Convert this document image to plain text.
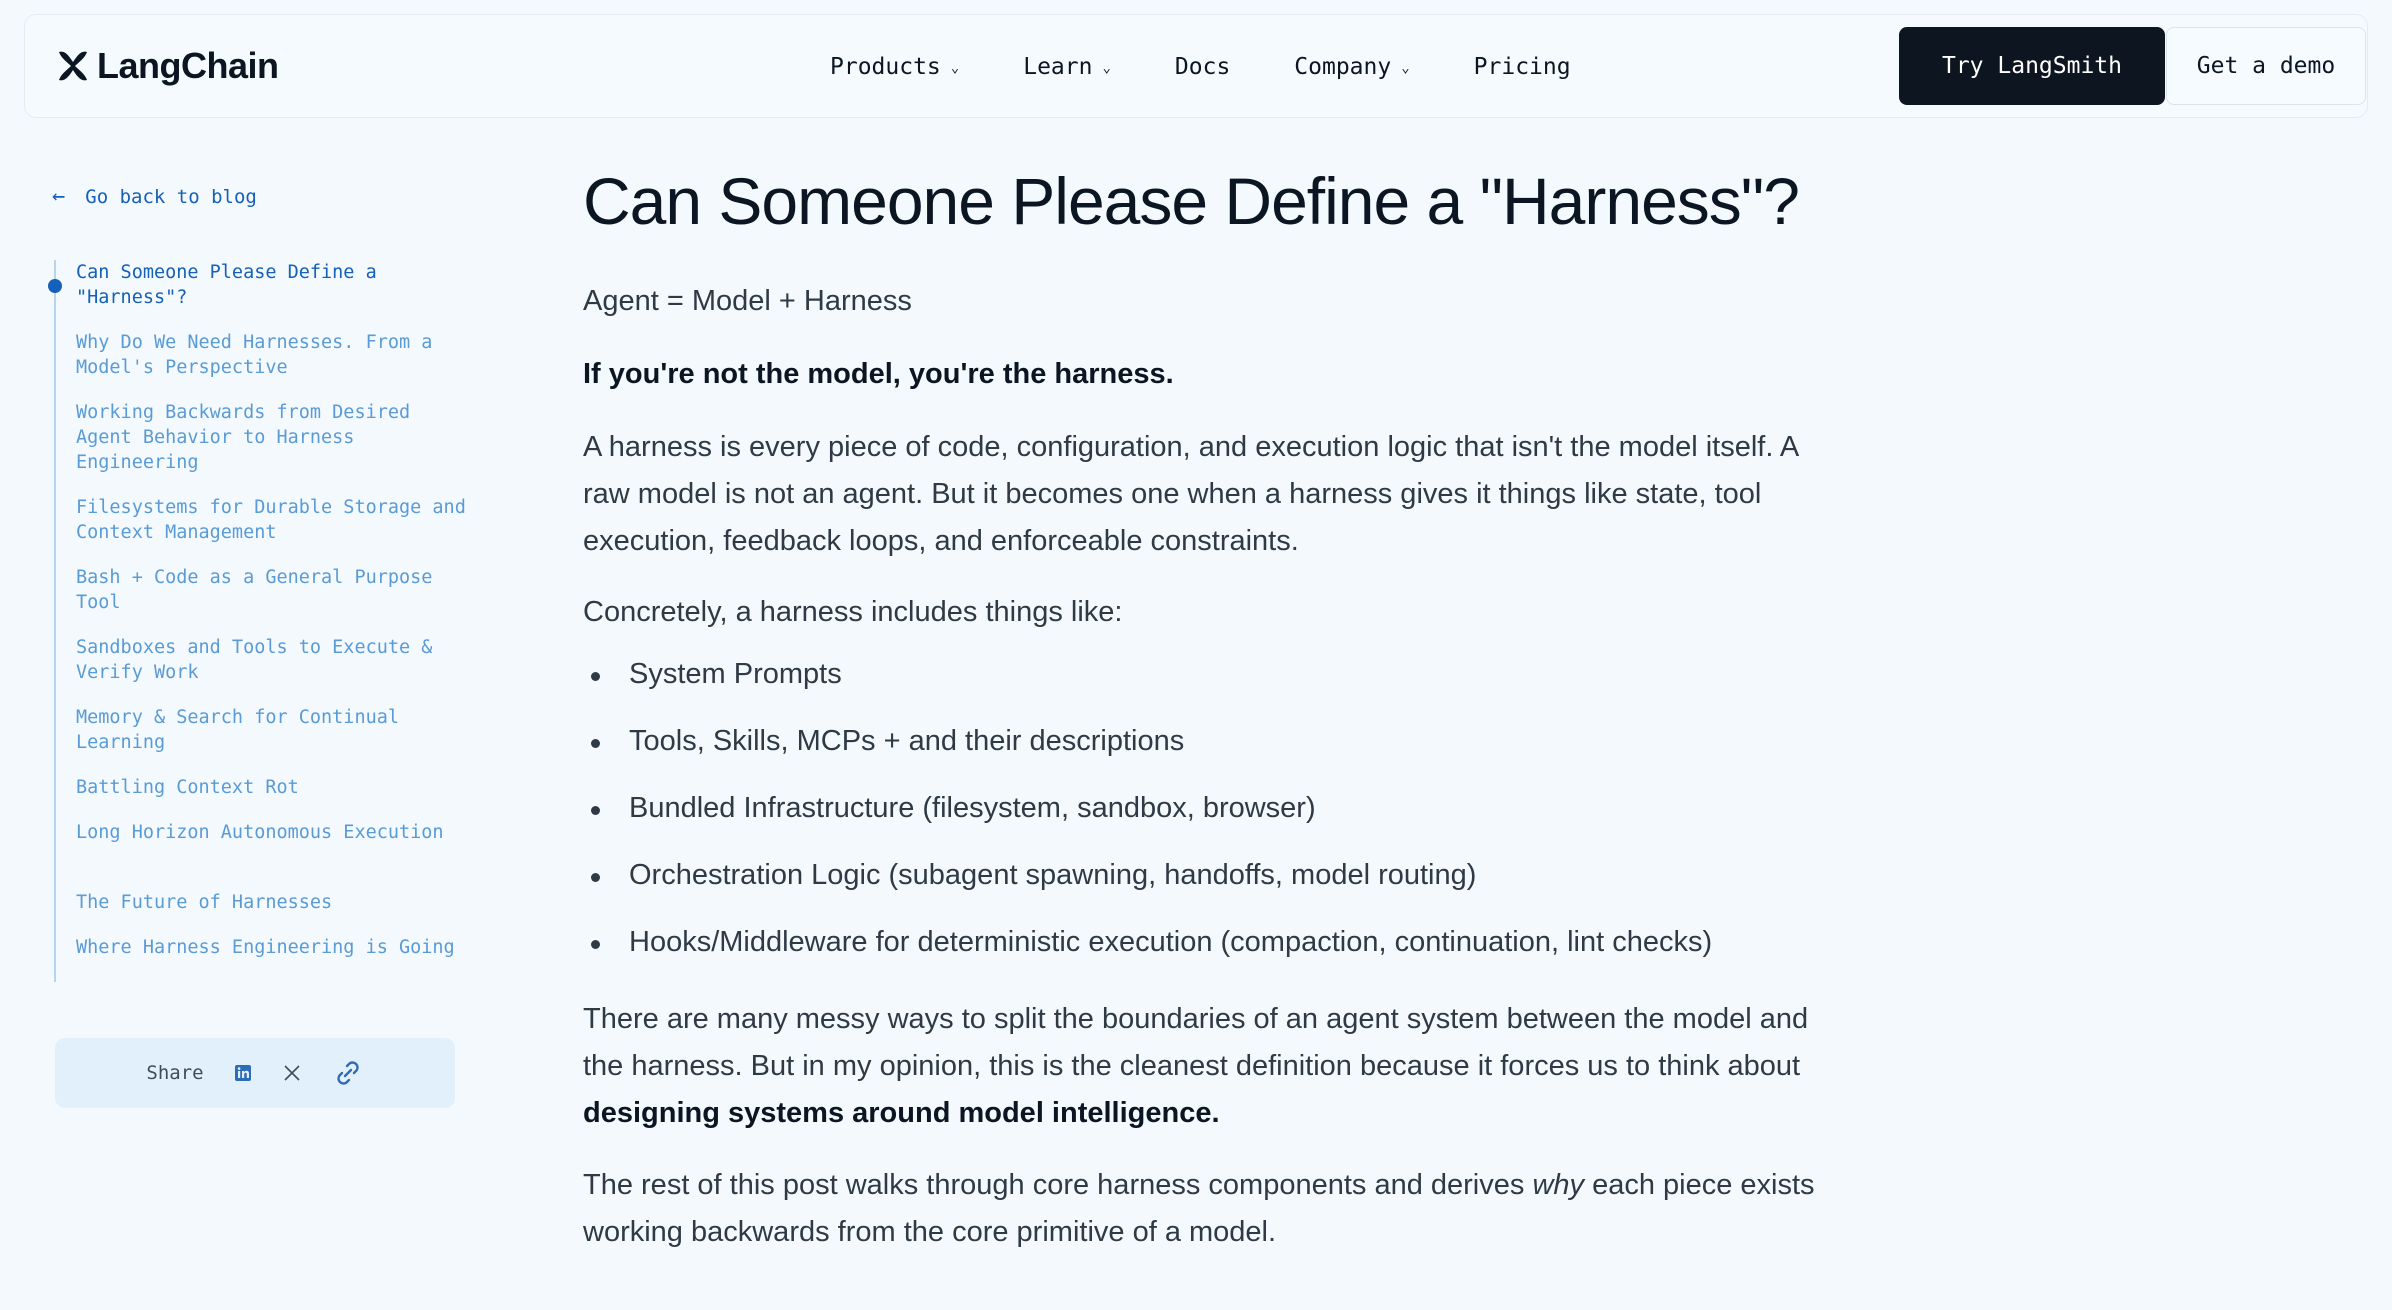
LangChain	Products ⌄	Learn ⌄	Docs	Company ⌄	Pricing	Try LangSmith	Get a demo
← Go back to blog
Can Someone Please Define a "Harness"?
Why Do We Need Harnesses. From a Model's Perspective
Working Backwards from Desired Agent Behavior to Harness Engineering
Filesystems for Durable Storage and Context Management
Bash + Code as a General Purpose Tool
Sandboxes and Tools to Execute & Verify Work
Memory & Search for Continual Learning
Battling Context Rot
Long Horizon Autonomous Execution
The Future of Harnesses
Where Harness Engineering is Going
Share
Can Someone Please Define a "Harness"?

Agent = Model + Harness

If you're not the model, you're the harness.

A harness is every piece of code, configuration, and execution logic that isn't the model itself. A raw model is not an agent. But it becomes one when a harness gives it things like state, tool execution, feedback loops, and enforceable constraints.

Concretely, a harness includes things like:

System Prompts
Tools, Skills, MCPs + and their descriptions
Bundled Infrastructure (filesystem, sandbox, browser)
Orchestration Logic (subagent spawning, handoffs, model routing)
Hooks/Middleware for deterministic execution (compaction, continuation, lint checks)

There are many messy ways to split the boundaries of an agent system between the model and the harness. But in my opinion, this is the cleanest definition because it forces us to think about designing systems around model intelligence.

The rest of this post walks through core harness components and derives why each piece exists working backwards from the core primitive of a model.
